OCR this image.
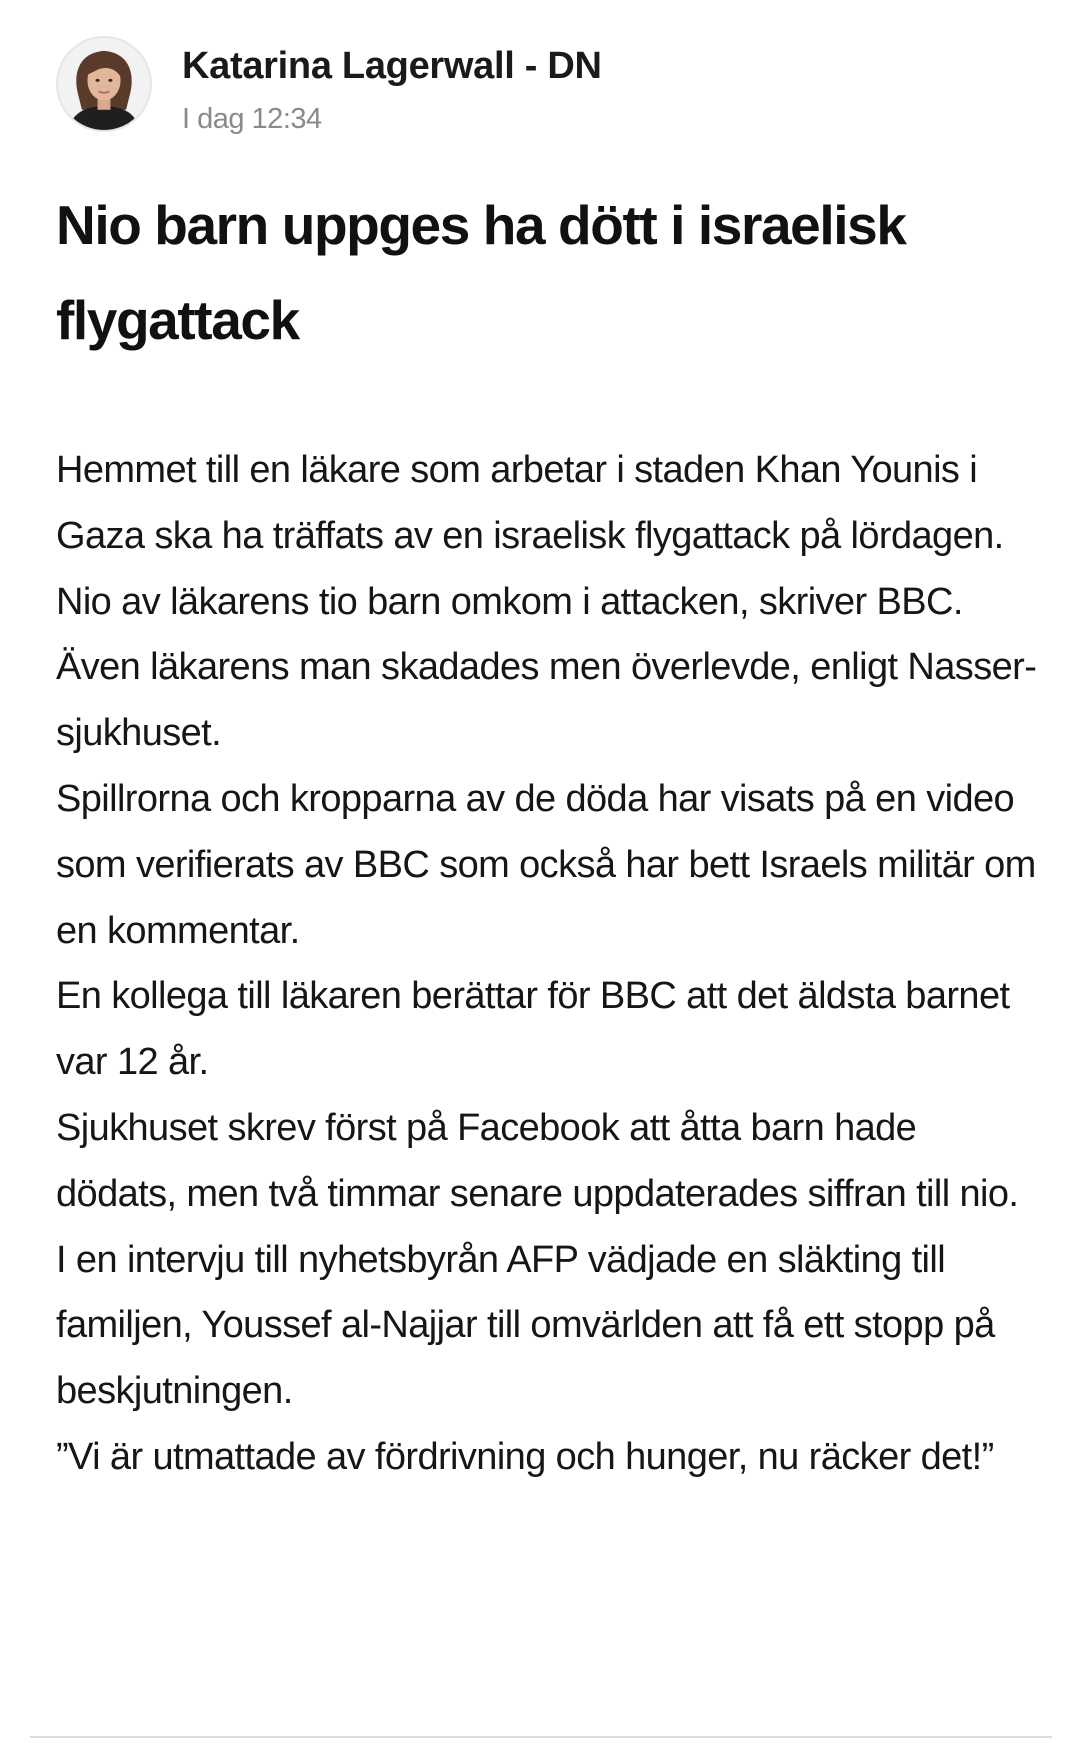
Katarina Lagerwall - DN
I dag 12:34
Nio barn uppges ha dött i israelisk flygattack

Hemmet till en läkare som arbetar i staden Khan Younis i Gaza ska ha träffats av en israelisk flygattack på lördagen. Nio av läkarens tio barn omkom i attacken, skriver BBC.

Även läkarens man skadades men överlevde, enligt Nasser-sjukhuset.

Spillrorna och kropparna av de döda har visats på en video som verifierats av BBC som också har bett Israels militär om en kommentar.

En kollega till läkaren berättar för BBC att det äldsta barnet var 12 år.

Sjukhuset skrev först på Facebook att åtta barn hade dödats, men två timmar senare uppdaterades siffran till nio.

I en intervju till nyhetsbyrån AFP vädjade en släkting till familjen, Youssef al-Najjar till omvärlden att få ett stopp på beskjutningen.

”Vi är utmattade av fördrivning och hunger, nu räcker det!”
